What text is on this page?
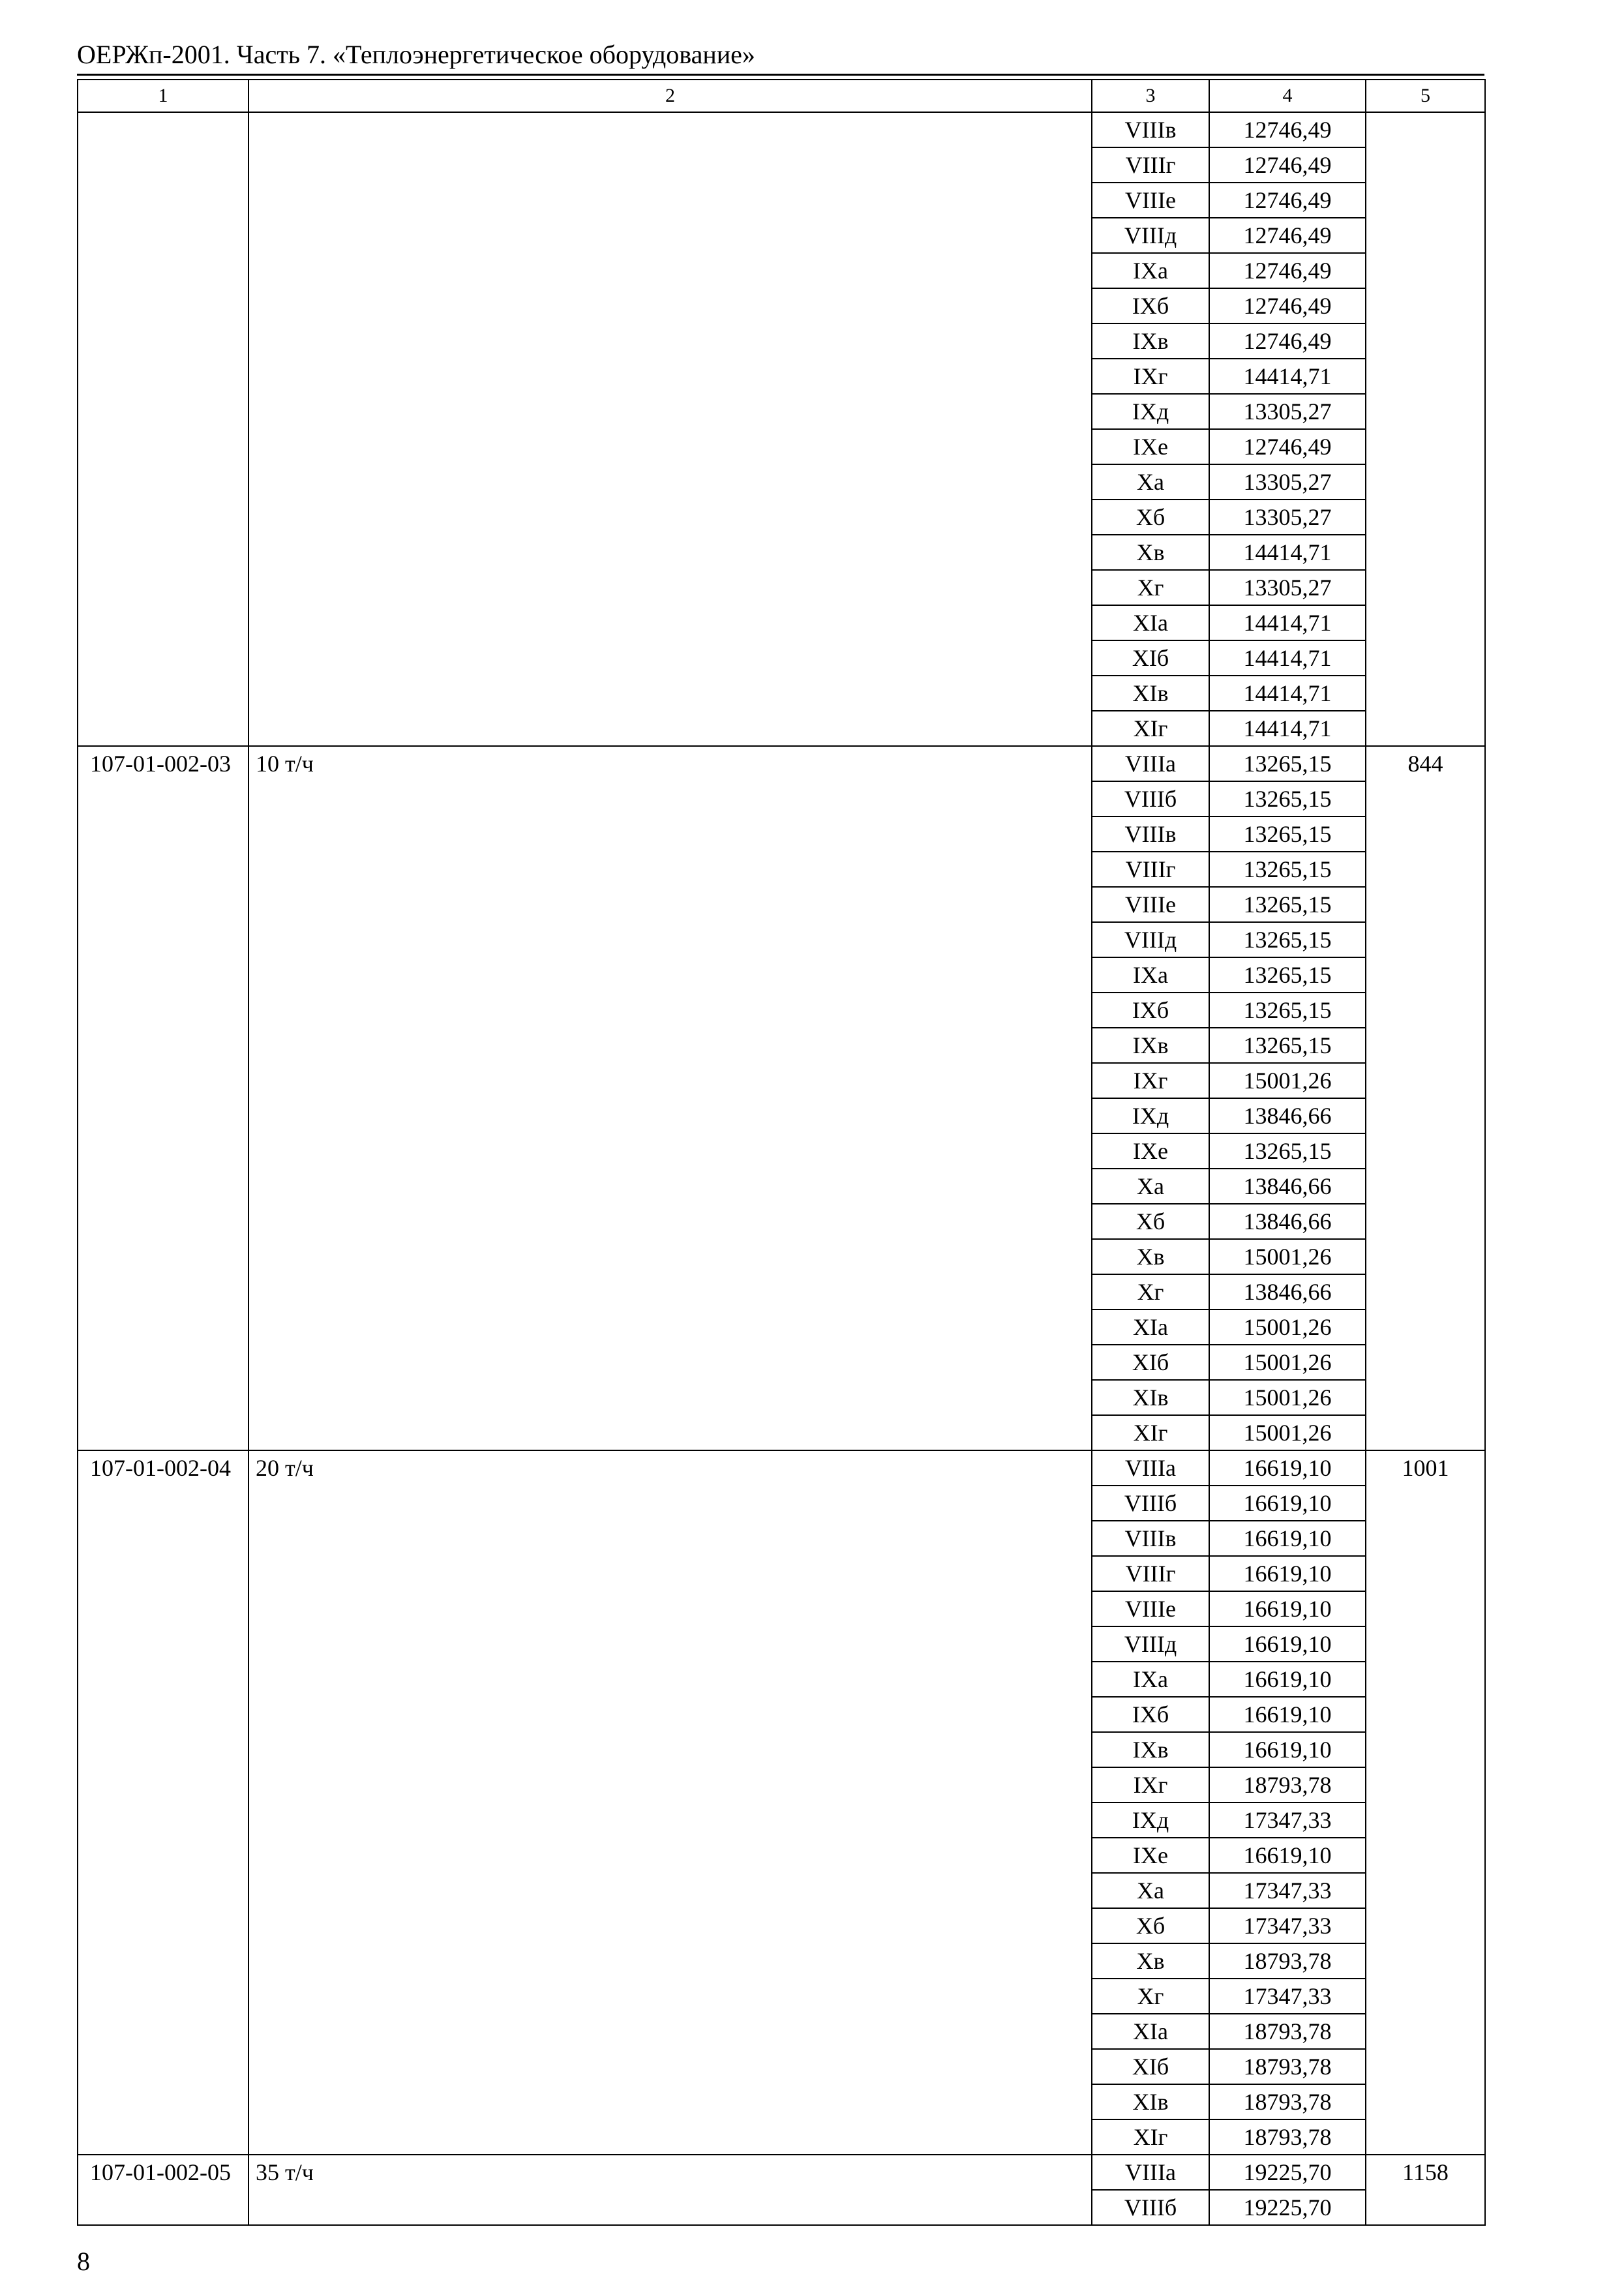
ОЕРЖп-2001. Часть 7. «Теплоэнергетическое оборудование»
1	2	3	4	5
		VIIIв	12746,49	
		VIIIг	12746,49	
		VIIIе	12746,49	
		VIIIд	12746,49	
		IXа	12746,49	
		IXб	12746,49	
		IXв	12746,49	
		IXг	14414,71	
		IXд	13305,27	
		IXе	12746,49	
		Xа	13305,27	
		Xб	13305,27	
		Xв	14414,71	
		Xг	13305,27	
		XIа	14414,71	
		XIб	14414,71	
		XIв	14414,71	
		XIг	14414,71	
107-01-002-03	10 т/ч	VIIIа	13265,15	844
		VIIIб	13265,15	
		VIIIв	13265,15	
		VIIIг	13265,15	
		VIIIе	13265,15	
		VIIIд	13265,15	
		IXа	13265,15	
		IXб	13265,15	
		IXв	13265,15	
		IXг	15001,26	
		IXд	13846,66	
		IXе	13265,15	
		Xа	13846,66	
		Xб	13846,66	
		Xв	15001,26	
		Xг	13846,66	
		XIа	15001,26	
		XIб	15001,26	
		XIв	15001,26	
		XIг	15001,26	
107-01-002-04	20 т/ч	VIIIа	16619,10	1001
		VIIIб	16619,10	
		VIIIв	16619,10	
		VIIIг	16619,10	
		VIIIе	16619,10	
		VIIIд	16619,10	
		IXа	16619,10	
		IXб	16619,10	
		IXв	16619,10	
		IXг	18793,78	
		IXд	17347,33	
		IXе	16619,10	
		Xа	17347,33	
		Xб	17347,33	
		Xв	18793,78	
		Xг	17347,33	
		XIа	18793,78	
		XIб	18793,78	
		XIв	18793,78	
		XIг	18793,78	
107-01-002-05	35 т/ч	VIIIа	19225,70	1158
		VIIIб	19225,70	
8
